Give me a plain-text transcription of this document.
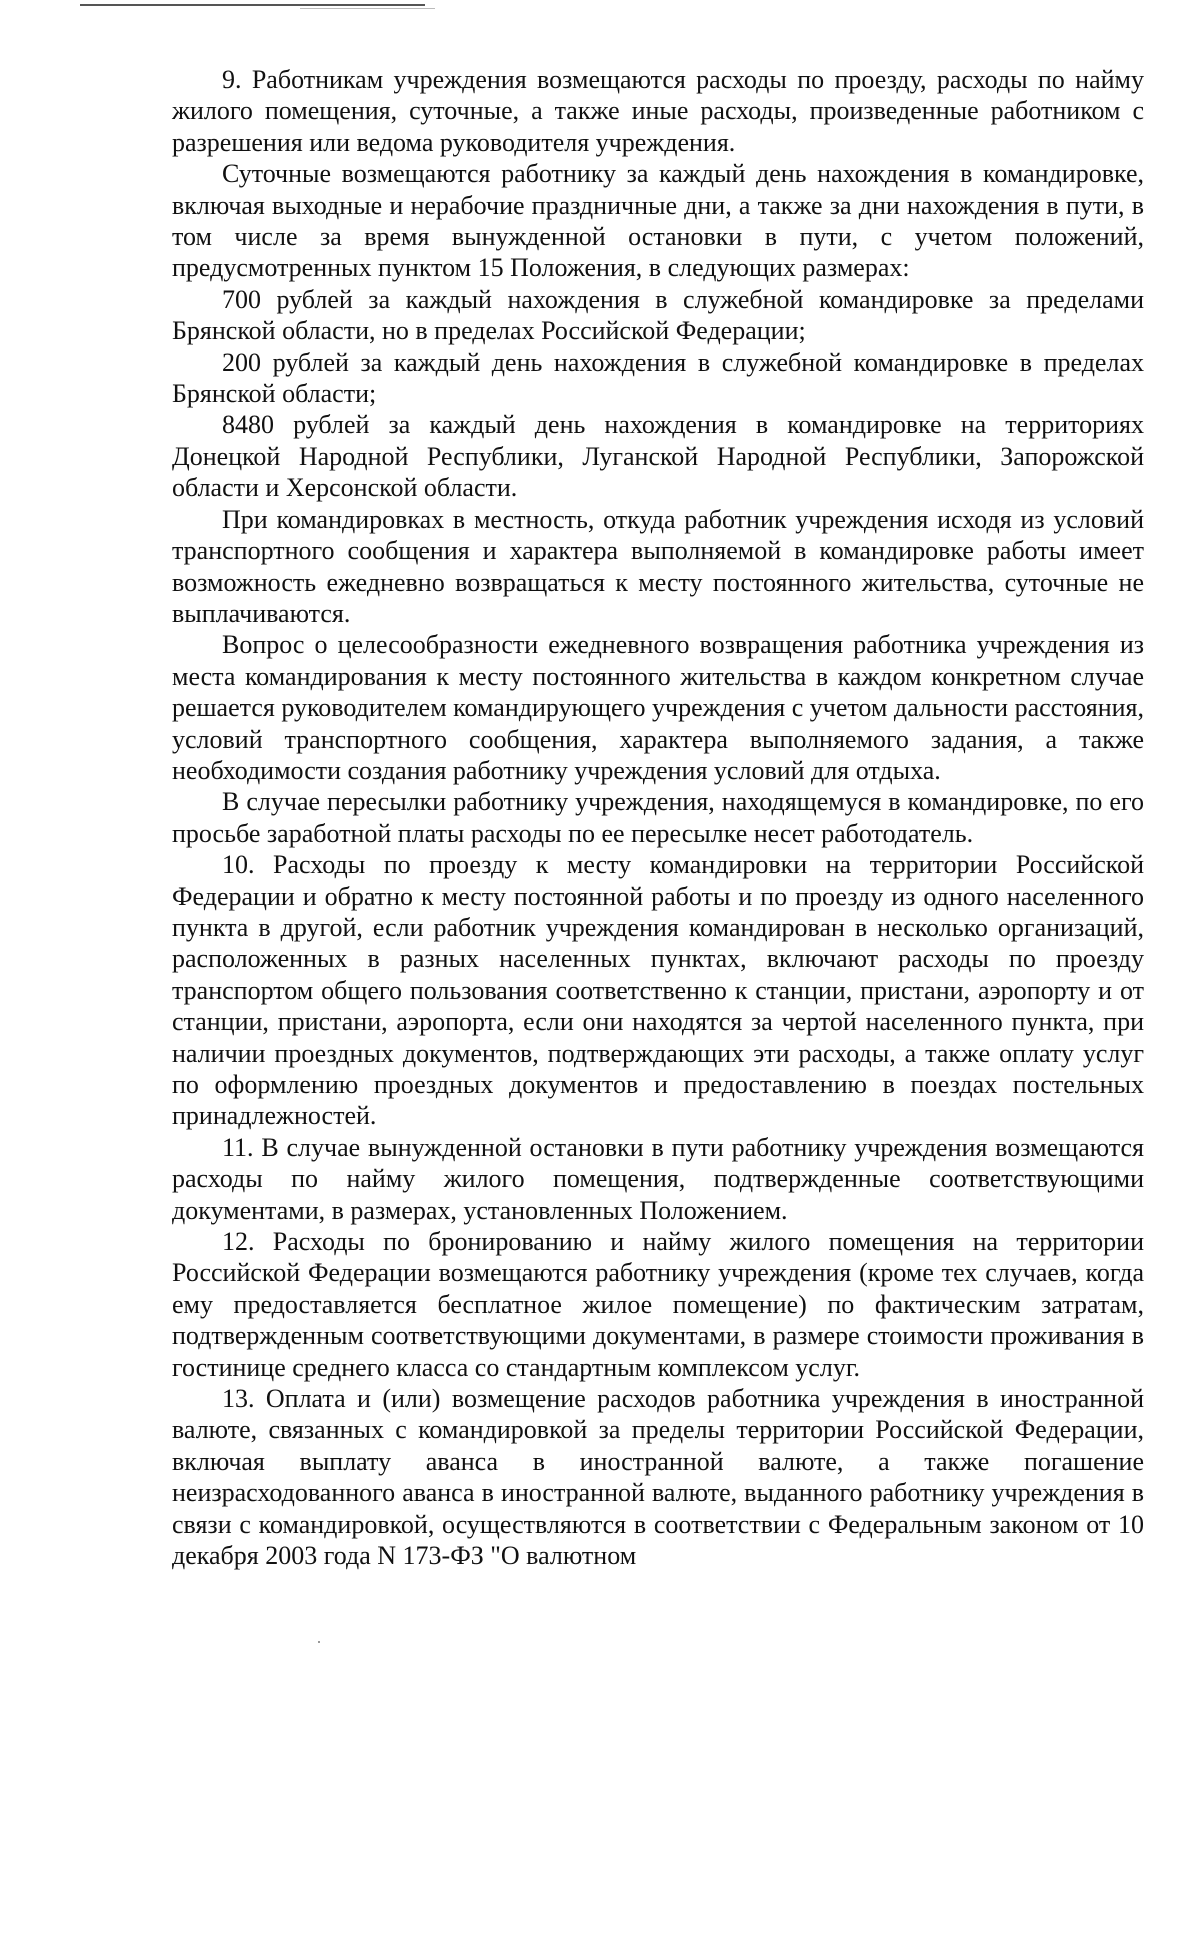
9. Работникам учреждения возмещаются расходы по проезду, расходы по найму жилого помещения, суточные, а также иные расходы, произведенные работником с разрешения или ведома руководителя учреждения.

Суточные возмещаются работнику за каждый день нахождения в командировке, включая выходные и нерабочие праздничные дни, а также за дни нахождения в пути, в том числе за время вынужденной остановки в пути, с учетом положений, предусмотренных пунктом 15 Положения, в следующих размерах:

700 рублей за каждый нахождения в служебной командировке за пределами Брянской области, но в пределах Российской Федерации;

200 рублей за каждый день нахождения в служебной командировке в пределах Брянской области;

8480 рублей за каждый день нахождения в командировке на территориях Донецкой Народной Республики, Луганской Народной Республики, Запорожской области и Херсонской области.

При командировках в местность, откуда работник учреждения исходя из условий транспортного сообщения и характера выполняемой в командировке работы имеет возможность ежедневно возвращаться к месту постоянного жительства, суточные не выплачиваются.

Вопрос о целесообразности ежедневного возвращения работника учреждения из места командирования к месту постоянного жительства в каждом конкретном случае решается руководителем командирующего учреждения с учетом дальности расстояния, условий транспортного сообщения, характера выполняемого задания, а также необходимости создания работнику учреждения условий для отдыха.

В случае пересылки работнику учреждения, находящемуся в командировке, по его просьбе заработной платы расходы по ее пересылке несет работодатель.

10. Расходы по проезду к месту командировки на территории Российской Федерации и обратно к месту постоянной работы и по проезду из одного населенного пункта в другой, если работник учреждения командирован в несколько организаций, расположенных в разных населенных пунктах, включают расходы по проезду транспортом общего пользования соответственно к станции, пристани, аэропорту и от станции, пристани, аэропорта, если они находятся за чертой населенного пункта, при наличии проездных документов, подтверждающих эти расходы, а также оплату услуг по оформлению проездных документов и предоставлению в поездах постельных принадлежностей.

11. В случае вынужденной остановки в пути работнику учреждения возмещаются расходы по найму жилого помещения, подтвержденные соответствующими документами, в размерах, установленных Положением.

12. Расходы по бронированию и найму жилого помещения на территории Российской Федерации возмещаются работнику учреждения (кроме тех случаев, когда ему предоставляется бесплатное жилое помещение) по фактическим затратам, подтвержденным соответствующими документами, в размере стоимости проживания в гостинице среднего класса со стандартным комплексом услуг.

13. Оплата и (или) возмещение расходов работника учреждения в иностранной валюте, связанных с командировкой за пределы территории Российской Федерации, включая выплату аванса в иностранной валюте, а также погашение неизрасходованного аванса в иностранной валюте, выданного работнику учреждения в связи с командировкой, осуществляются в соответствии с Федеральным законом от 10 декабря 2003 года N 173-ФЗ "О валютном
